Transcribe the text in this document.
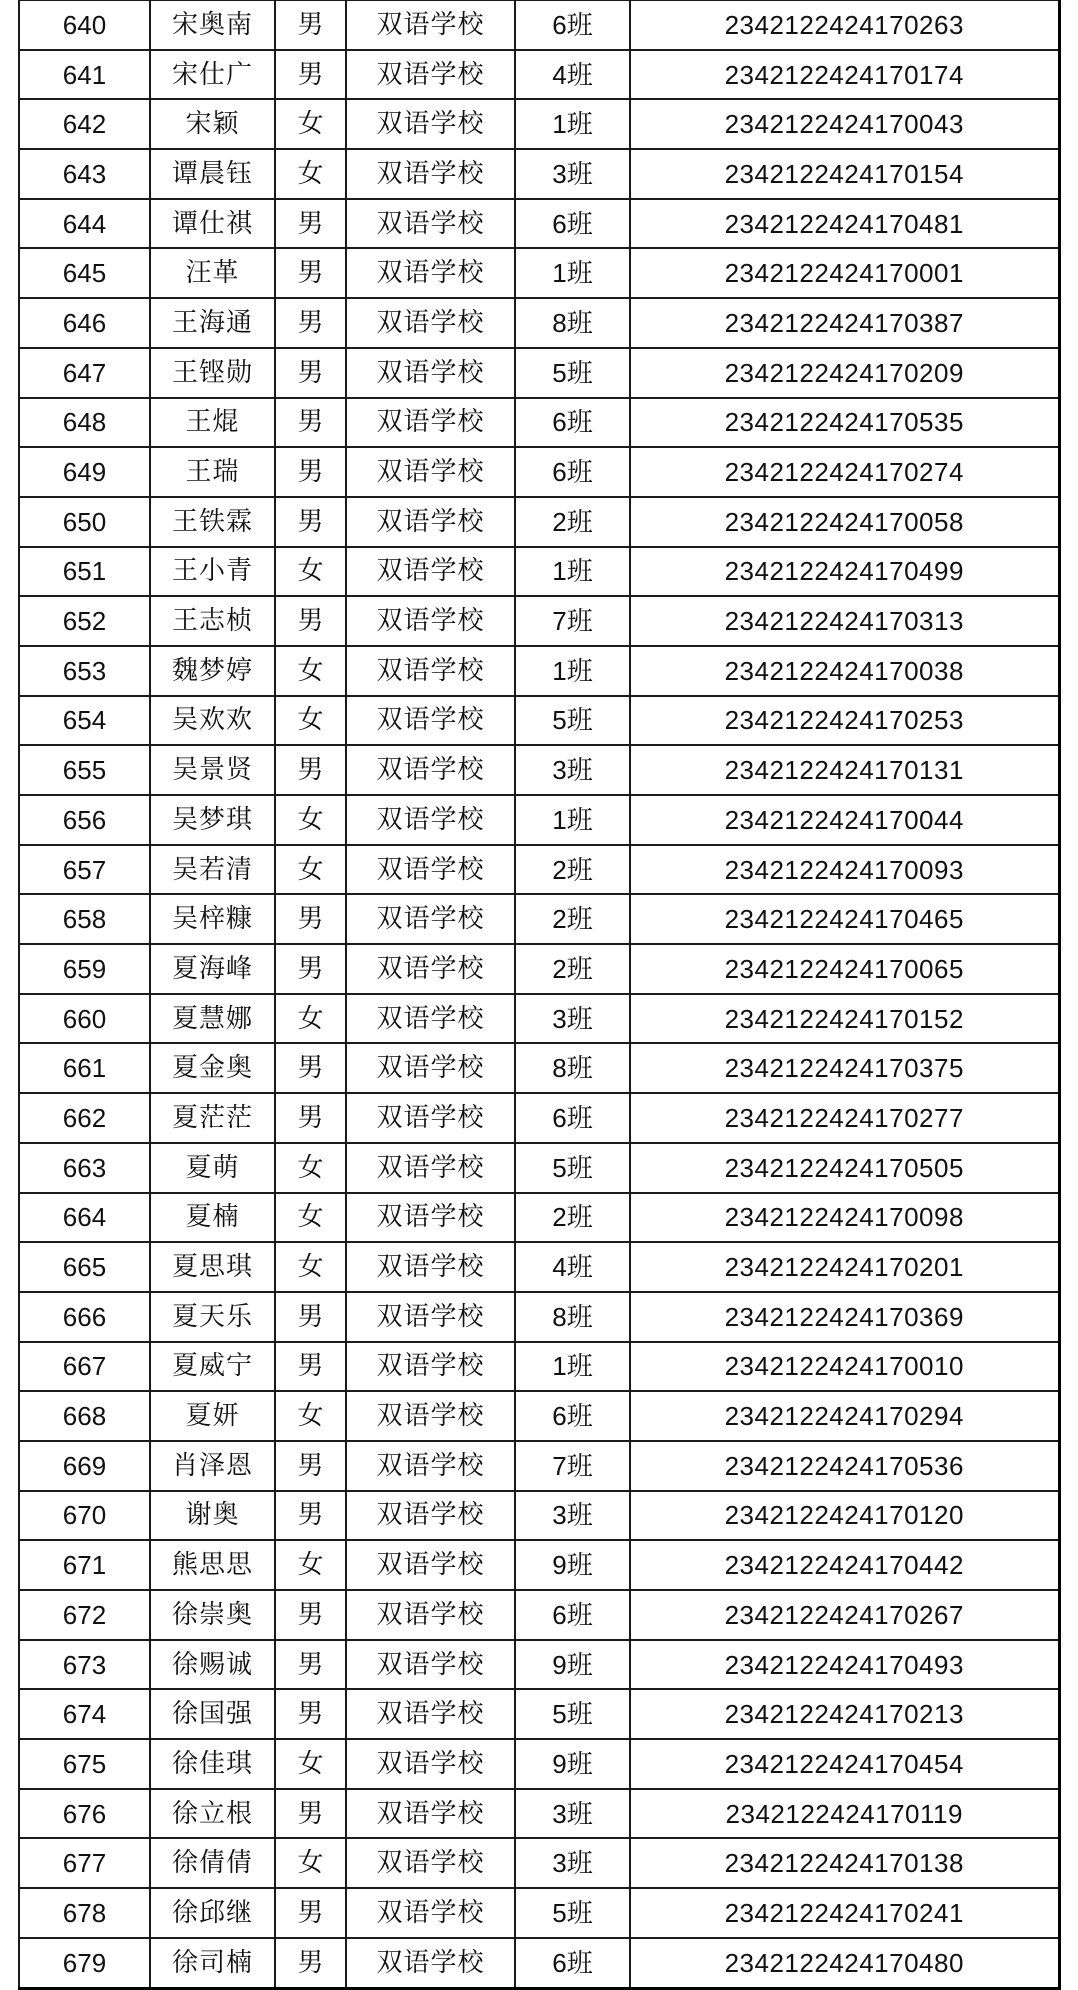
640	宋奥南	男	双语学校	6班	2342122424170263
641	宋仕广	男	双语学校	4班	2342122424170174
642	宋颖	女	双语学校	1班	2342122424170043
643	谭晨钰	女	双语学校	3班	2342122424170154
644	谭仕祺	男	双语学校	6班	2342122424170481
645	汪革	男	双语学校	1班	2342122424170001
646	王海通	男	双语学校	8班	2342122424170387
647	王铿勋	男	双语学校	5班	2342122424170209
648	王焜	男	双语学校	6班	2342122424170535
649	王瑞	男	双语学校	6班	2342122424170274
650	王铁霖	男	双语学校	2班	2342122424170058
651	王小青	女	双语学校	1班	2342122424170499
652	王志桢	男	双语学校	7班	2342122424170313
653	魏梦婷	女	双语学校	1班	2342122424170038
654	吴欢欢	女	双语学校	5班	2342122424170253
655	吴景贤	男	双语学校	3班	2342122424170131
656	吴梦琪	女	双语学校	1班	2342122424170044
657	吴若清	女	双语学校	2班	2342122424170093
658	吴梓糠	男	双语学校	2班	2342122424170465
659	夏海峰	男	双语学校	2班	2342122424170065
660	夏慧娜	女	双语学校	3班	2342122424170152
661	夏金奥	男	双语学校	8班	2342122424170375
662	夏茫茫	男	双语学校	6班	2342122424170277
663	夏萌	女	双语学校	5班	2342122424170505
664	夏楠	女	双语学校	2班	2342122424170098
665	夏思琪	女	双语学校	4班	2342122424170201
666	夏天乐	男	双语学校	8班	2342122424170369
667	夏威宁	男	双语学校	1班	2342122424170010
668	夏妍	女	双语学校	6班	2342122424170294
669	肖泽恩	男	双语学校	7班	2342122424170536
670	谢奥	男	双语学校	3班	2342122424170120
671	熊思思	女	双语学校	9班	2342122424170442
672	徐崇奥	男	双语学校	6班	2342122424170267
673	徐赐诚	男	双语学校	9班	2342122424170493
674	徐国强	男	双语学校	5班	2342122424170213
675	徐佳琪	女	双语学校	9班	2342122424170454
676	徐立根	男	双语学校	3班	2342122424170119
677	徐倩倩	女	双语学校	3班	2342122424170138
678	徐邱继	男	双语学校	5班	2342122424170241
679	徐司楠	男	双语学校	6班	2342122424170480
